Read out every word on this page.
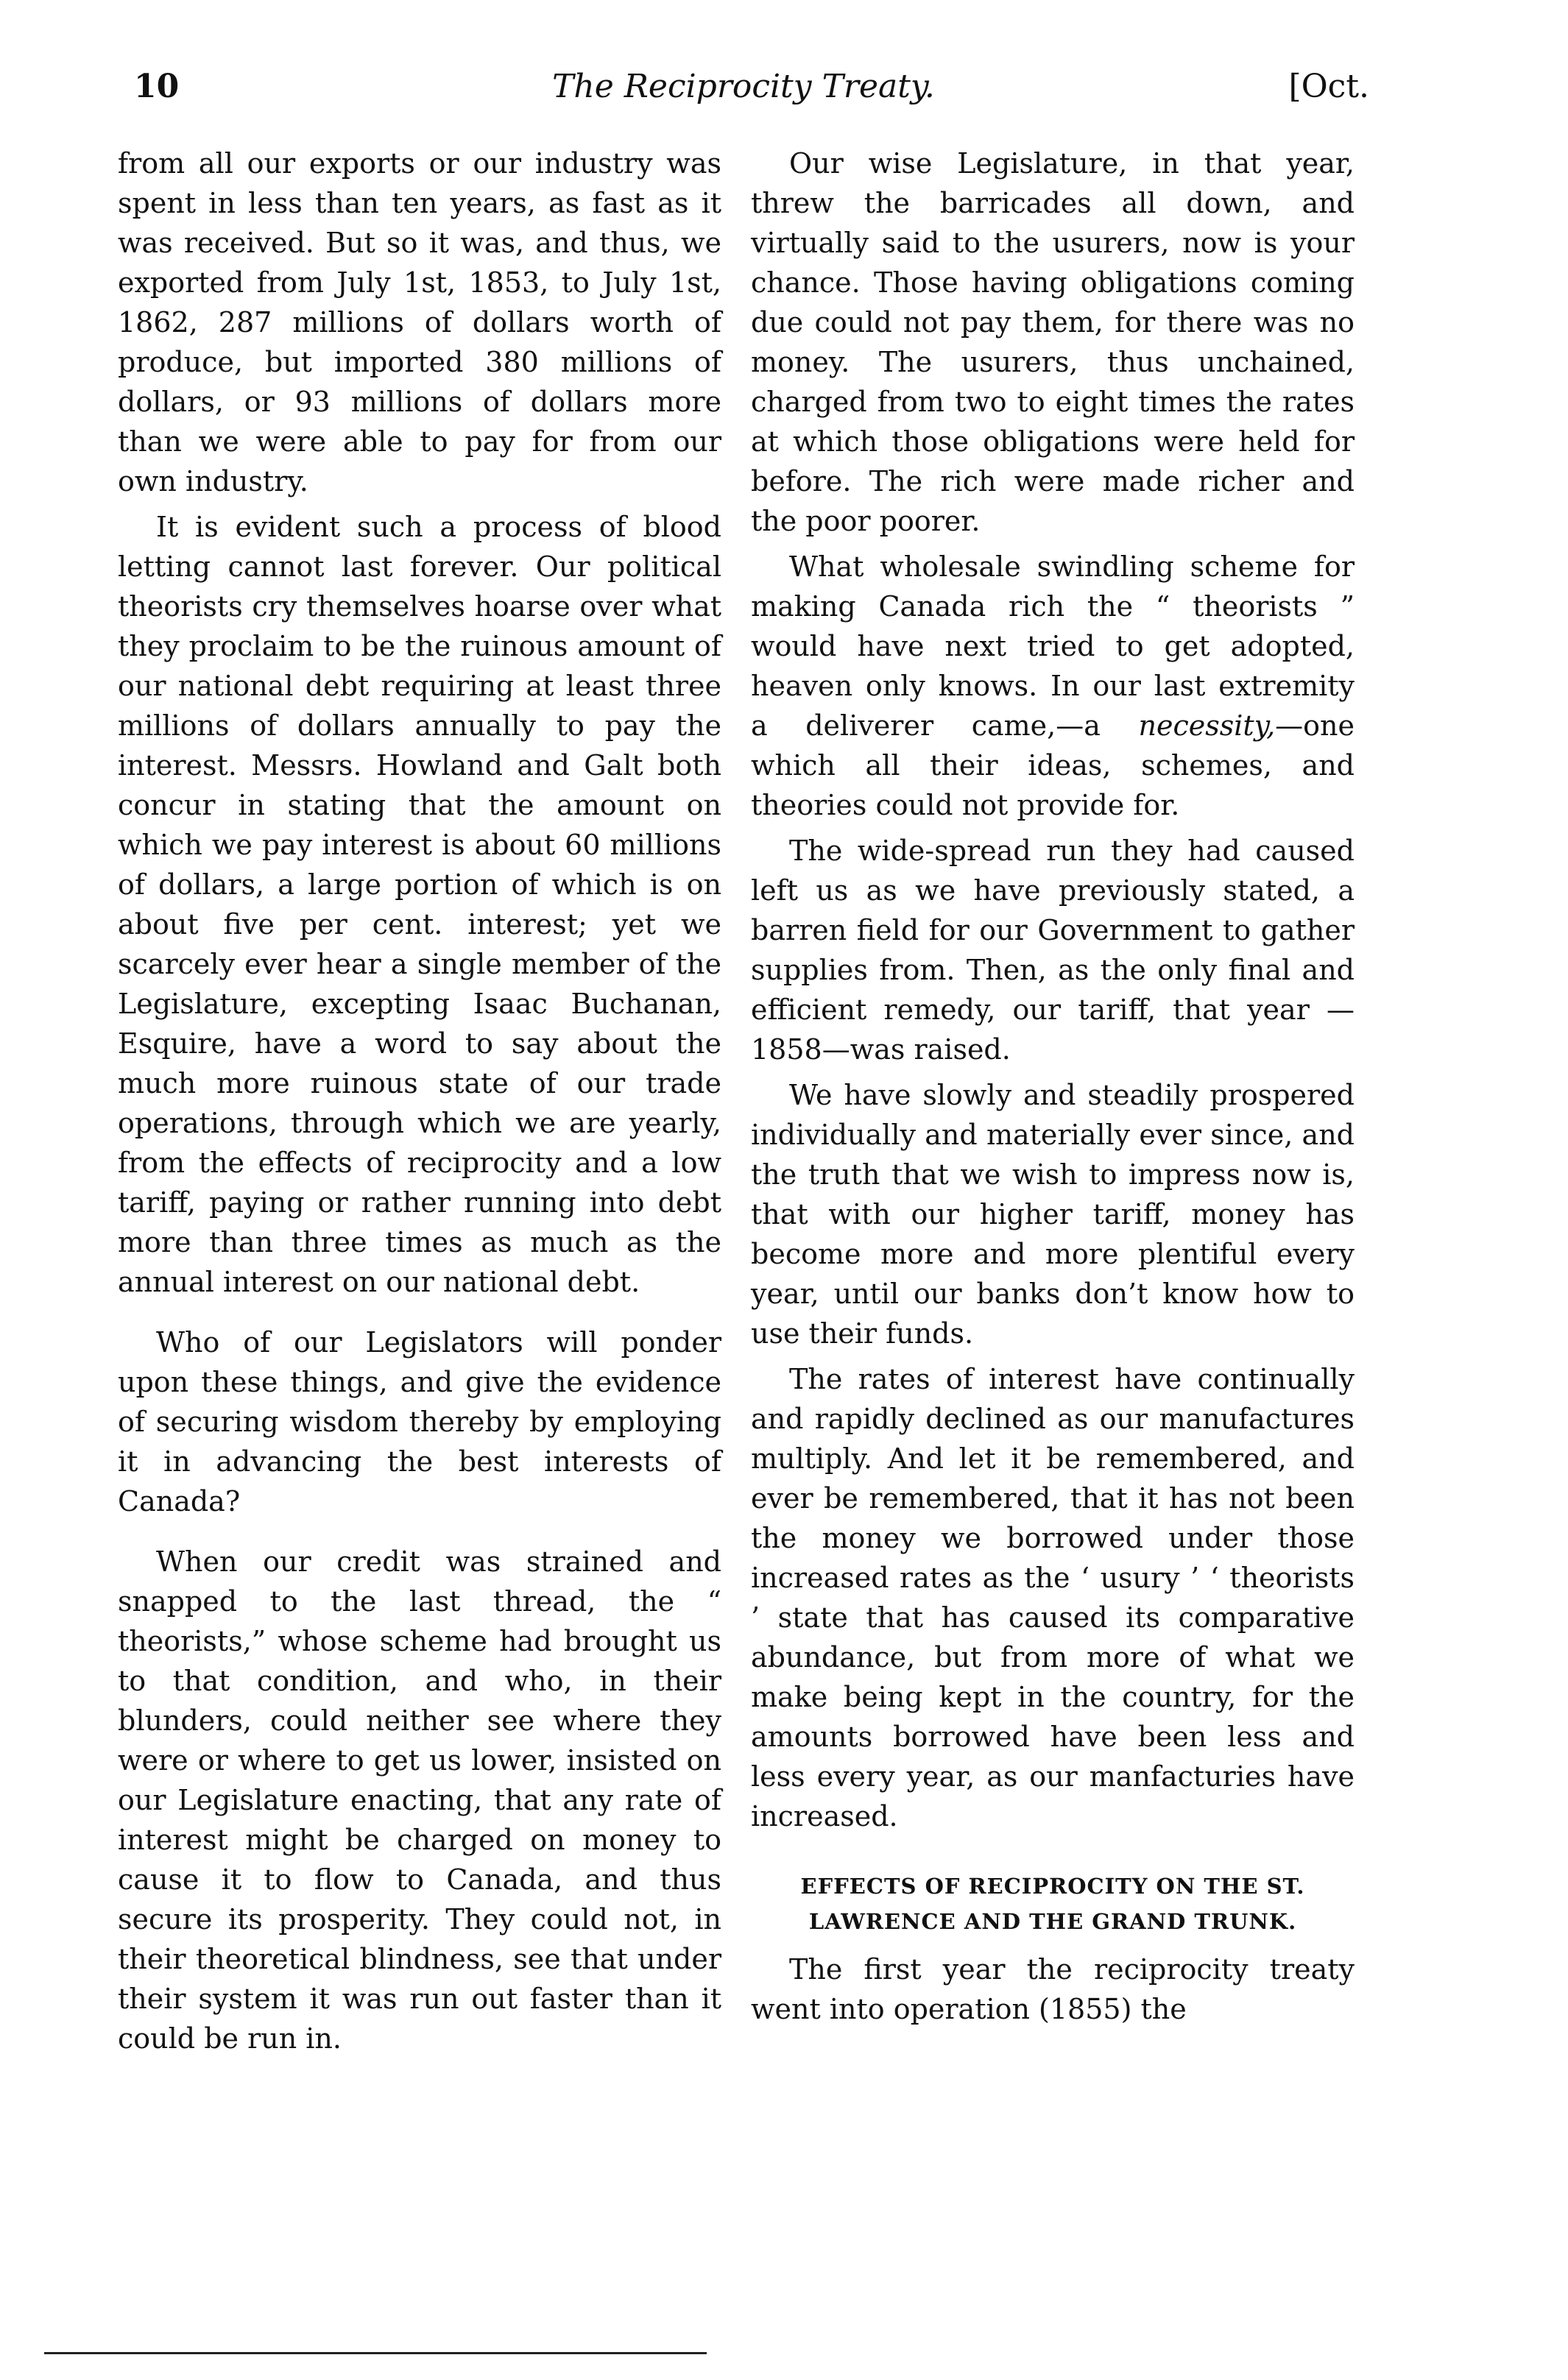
10	The Reciprocity Treaty.	[Oct.

from all our exports or our industry was spent in less than ten years, as fast as it was received. But so it was, and thus, we exported from July 1st, 1853, to July 1st, 1862, 287 millions of dollars worth of produce, but imported 380 millions of dollars, or 93 millions of dollars more than we were able to pay for from our own industry.

It is evident such a process of blood letting cannot last forever. Our political theorists cry themselves hoarse over what they proclaim to be the ruinous amount of our national debt requiring at least three millions of dollars annually to pay the interest. Messrs. Howland and Galt both concur in stating that the amount on which we pay interest is about 60 millions of dollars, a large portion of which is on about five per cent. interest; yet we scarcely ever hear a single member of the Legislature, excepting Isaac Buchanan, Esquire, have a word to say about the much more ruinous state of our trade operations, through which we are yearly, from the effects of reciprocity and a low tariff, paying or rather running into debt more than three times as much as the annual interest on our national debt.

Who of our Legislators will ponder upon these things, and give the evidence of securing wisdom thereby by employing it in advancing the best interests of Canada?

When our credit was strained and snapped to the last thread, the “ theorists,” whose scheme had brought us to that condition, and who, in their blunders, could neither see where they were or where to get us lower, insisted on our Legislature enacting, that any rate of interest might be charged on money to cause it to flow to Canada, and thus secure its prosperity. They could not, in their theoretical blindness, see that under their system it was run out faster than it could be run in.

Our wise Legislature, in that year, threw the barricades all down, and virtually said to the usurers, now is your chance. Those having obligations coming due could not pay them, for there was no money. The usurers, thus unchained, charged from two to eight times the rates at which those obligations were held for before. The rich were made richer and the poor poorer.

What wholesale swindling scheme for making Canada rich the “ theorists ” would have next tried to get adopted, heaven only knows. In our last extremity a deliverer came,—a necessity,—one which all their ideas, schemes, and theories could not provide for.

The wide-spread run they had caused left us as we have previously stated, a barren field for our Government to gather supplies from. Then, as the only final and efficient remedy, our tariff, that year — 1858—was raised.

We have slowly and steadily prospered individually and materially ever since, and the truth that we wish to impress now is, that with our higher tariff, money has become more and more plentiful every year, until our banks don’t know how to use their funds.

The rates of interest have continually and rapidly declined as our manufactures multiply. And let it be remembered, and ever be remembered, that it has not been the money we borrowed under those increased rates as the ‘ usury ’ ‘ theorists ’ state that has caused its comparative abundance, but from more of what we make being kept in the country, for the amounts borrowed have been less and less every year, as our manfacturies have increased.

EFFECTS OF RECIPROCITY ON THE ST. LAWRENCE AND THE GRAND TRUNK.

The first year the reciprocity treaty went into operation (1855) the
